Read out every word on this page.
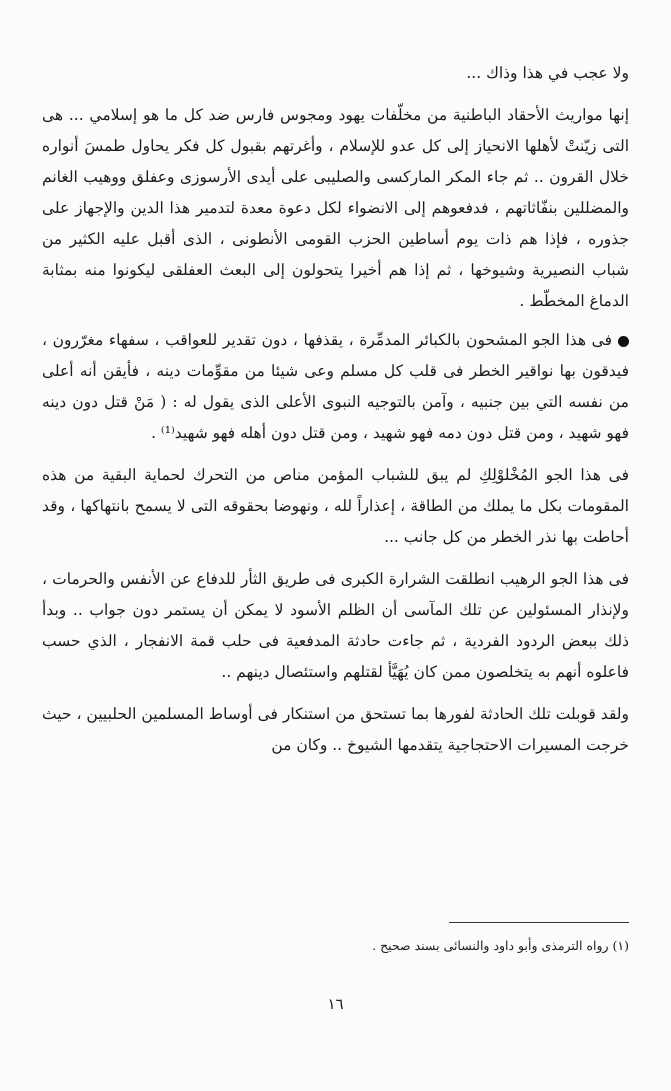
ولا عجب في هذا وذاك ...

إنها مواريث الأحقاد الباطنية من مخلّفات يهود ومجوس فارس ضد كل ما هو إسلامي ... هى التى زيّنتْ لأهلها الانحياز إلى كل عدو للإسلام ، وأغرتهم بقبول كل فكر يحاول طمسَ أنواره خلال القرون .. ثم جاء المكر الماركسى والصليبى على أيدى الأرسوزى وعفلق ووهيب الغانم والمضللين بنفّاثاتهم ، فدفعوهم إلى الانضواء لكل دعوة معدة لتدمير هذا الدين والإجهاز على جذوره ، فإذا هم ذات يوم أساطين الحزب القومى الأنطونى ، الذى أقبل عليه الكثير من شباب النصيرية وشيوخها ، ثم إذا هم أخيرا يتحولون إلى البعث العفلقى ليكونوا منه بمثابة الدماغ المخطّط .

فى هذا الجو المشحون بالكبائر المدمِّرة ، يقذفها ، دون تقدير للعواقب ، سفهاء مغرّرون ، فيدقون بها نواقير الخطر فى قلب كل مسلم وعى شيئا من مقوِّمات دينه ، فأيقن أنه أعلى من نفسه التي بين جنبيه ، وآمن بالتوجيه النبوى الأعلى الذى يقول له : ( مَنْ قتل دون دينه فهو شهيد ، ومن قتل دون دمه فهو شهيد ، ومن قتل دون أهله فهو شهيد⁽¹⁾ .

فى هذا الجو المُخْلوْلِكِ لم يبق للشباب المؤمن مناص من التحرك لحماية البقية من هذه المقومات بكل ما يملك من الطاقة ، إعذاراً لله ، ونهوضا بحقوقه التى لا يسمح بانتهاكها ، وقد أحاطت بها نذر الخطر من كل جانب ...

فى هذا الجو الرهيب انطلقت الشرارة الكبرى فى طريق الثأر للدفاع عن الأنفس والحرمات ، ولإنذار المسئولين عن تلك المآسى أن الظلم الأسود لا يمكن أن يستمر دون جواب .. وبدأ ذلك ببعض الردود الفردية ، ثم جاءت حادثة المدفعية فى حلب قمة الانفجار ، الذي حسب فاعلوه أنهم به يتخلصون ممن كان يُهَيَّأ لقتلهم واستئصال دينهم ..

ولقد قوبلت تلك الحادثة لفورها بما تستحق من استنكار فى أوساط المسلمين الحلبيين ، حيث خرجت المسيرات الاحتجاجية يتقدمها الشيوخ .. وكان من

(١) رواه الترمذى وأبو داود والنسائى بسند صحيح .
١٦
